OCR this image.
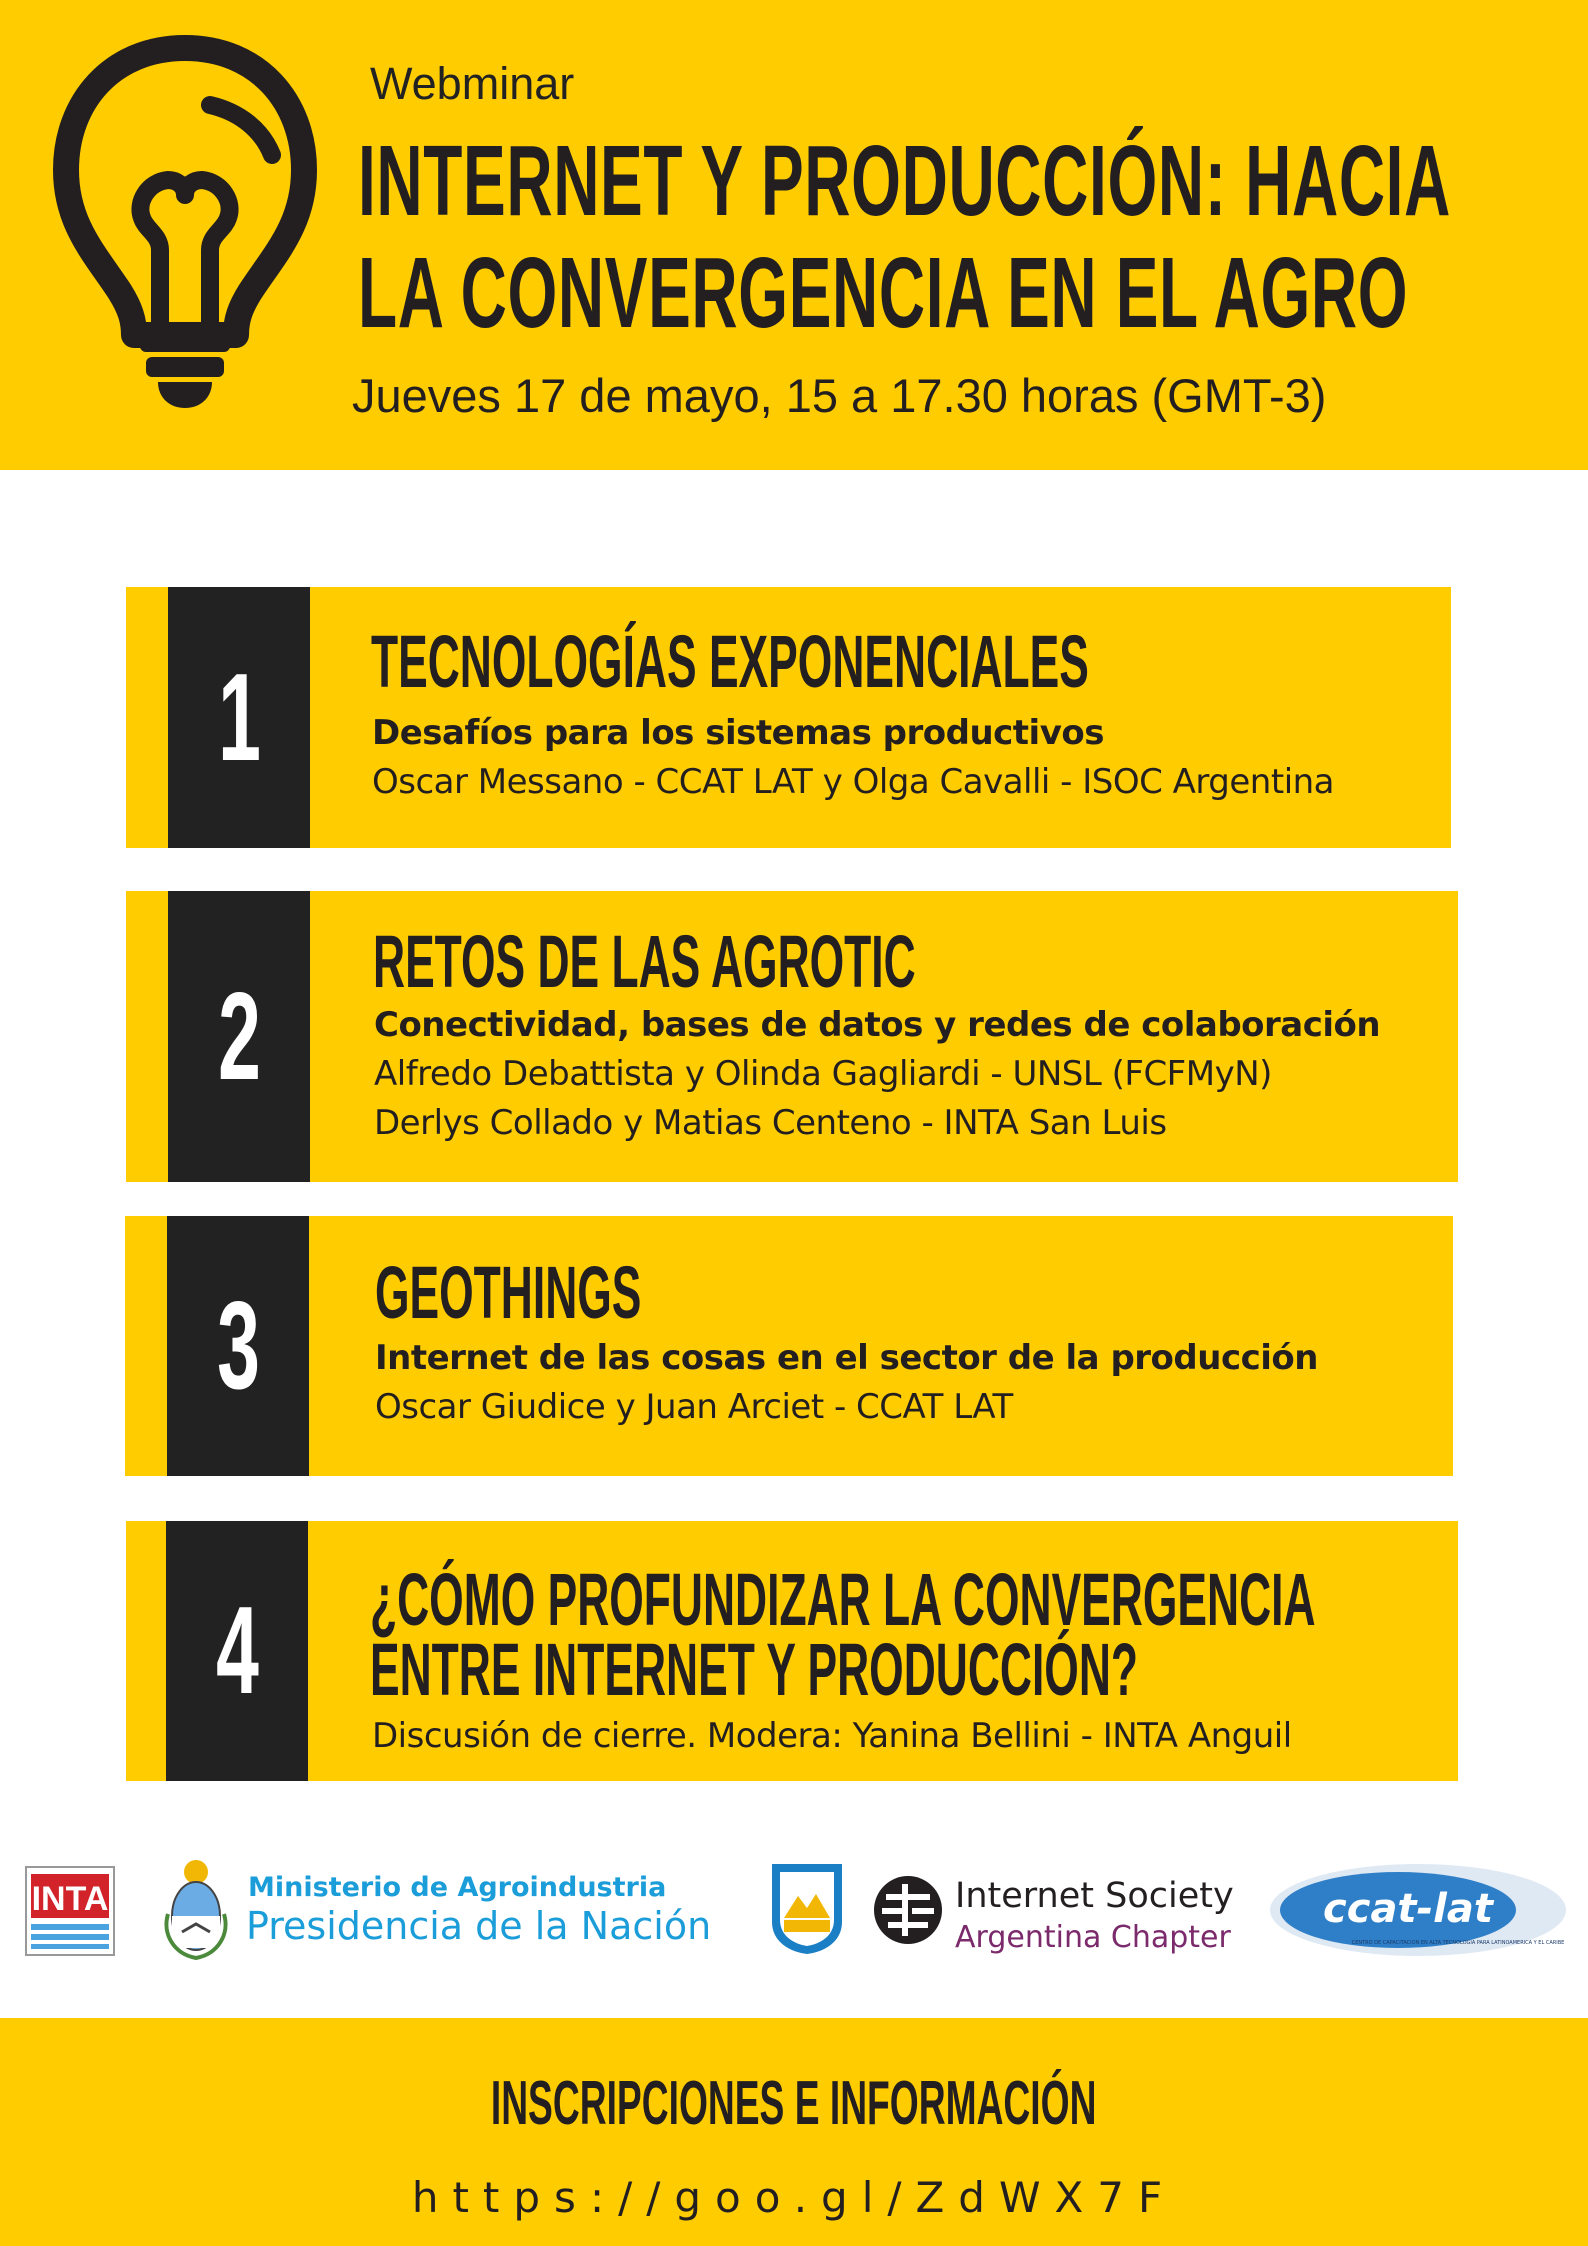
Webminar
INTERNET Y PRODUCCIÓN: HACIA
LA CONVERGENCIA EN EL AGRO
Jueves 17 de mayo, 15 a 17.30 horas (GMT-3)
1 TECNOLOGÍAS EXPONENCIALES
Desafíos para los sistemas productivos
Oscar Messano - CCAT LAT y Olga Cavalli - ISOC Argentina
2
RETOS DE LAS AGROTIC
Conectividad, bases de datos y redes de colaboración
Alfredo Debattista y Olinda Gagliardi - UNSL (FCFMyN)
Derlys Collado y Matias Centeno - INTA San Luis
3 GEOTHINGS
Internet de las cosas en el sector de la producción
Oscar Giudice y Juan Arciet - CCAT LAT
4 ¿CÓMO PROFUNDIZAR LA CONVERGENCIA
ENTRE INTERNET Y PRODUCCIÓN?
Discusión de cierre. Modera: Yanina Bellini - INTA Anguil
INTA	Ministerio de Agroindustria
Presidencia de la Nación
Internet Society
Argentina Chapter
ccat-lat
CENTRO DE CAPACITACION EN ALTA TECNOLOGIA PARA LATINOAMERICA Y EL CARIBE
INSCRIPCIONES E INFORMACIÓN
https://goo.gl/ZdWX7F
